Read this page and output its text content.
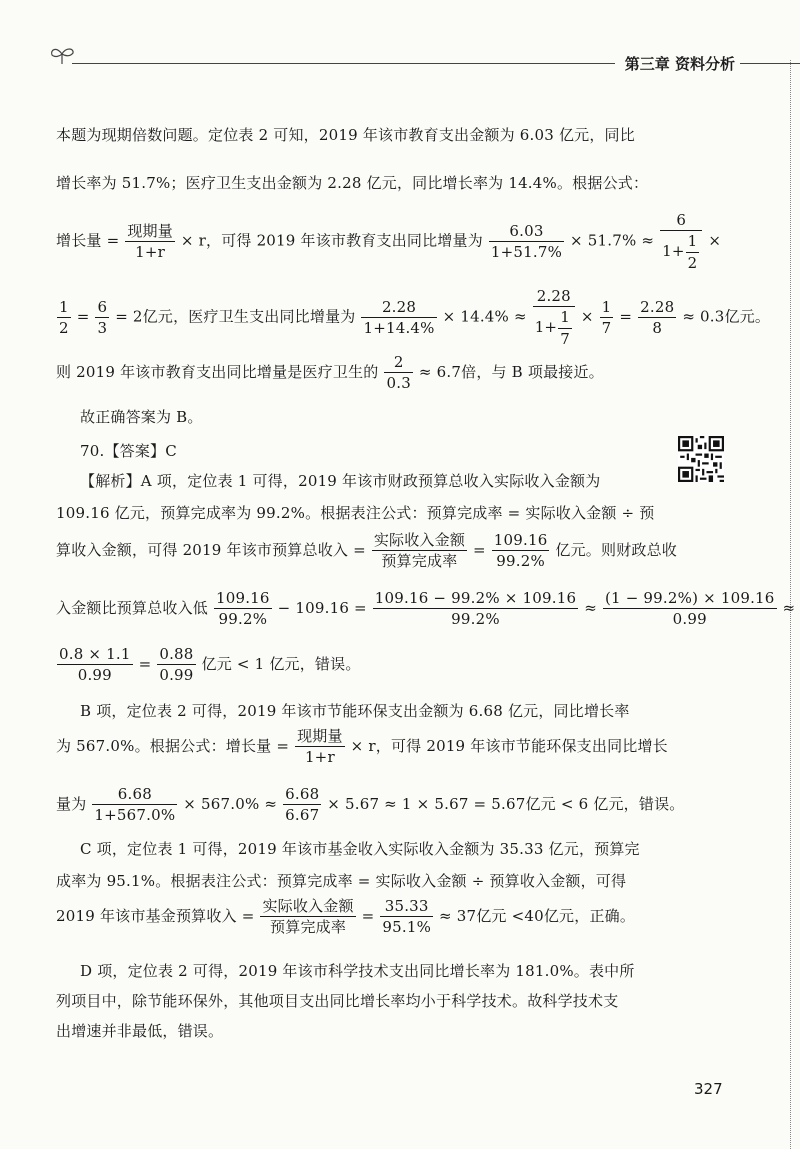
第三章 资料分析
本题为现期倍数问题。定位表 2 可知，2019 年该市教育支出金额为 6.03 亿元，同比
增长率为 51.7%；医疗卫生支出金额为 2.28 亿元，同比增长率为 14.4%。根据公式：
增长量 = $\frac{\text{现期量}}{1+r} \times r$，可得 2019 年该市教育支出同比增量为 $\frac{6.03}{1+51.7\%} \times 51.7\% \approx \frac{6}{1+ \frac{1}{2}}$ ×
$\frac{1}{2} = \frac{6}{3} = 2$亿元，医疗卫生支出同比增量为 $\frac{2.28}{1+14.4\%} \times 14.4\% \approx \frac{2.28}{1+ \frac{1}{7}} \times \frac{1}{7} = \frac{2.28}{8} \approx 0.3$亿元。
则 2019 年该市教育支出同比增量是医疗卫生的 $\frac{2}{0.3} \approx 6.7$倍，与 B 项最接近。
故正确答案为 B。
70.【答案】C
【解析】A 项，定位表 1 可得，2019 年该市财政预算总收入实际收入金额为
109.16 亿元，预算完成率为 99.2%。根据表注公式：预算完成率 = 实际收入金额 ÷ 预
算收入金额，可得 2019 年该市预算总收入 = $\frac{\text{实际收入金额}}{\text{预算完成率}} = \frac{109.16}{99.2\%}$ 亿元。则财政总收
入金额比预算总收入低 $\frac{109.16}{99.2\%} - 109.16 = \frac{109.16 - 99.2\% \times 109.16}{99.2\%} \approx \frac{(1 - 99.2\%) \times 109.16}{0.99}$ ≈
$\frac{0.8 \times 1.1}{0.99} = \frac{0.88}{0.99}$ 亿元 < 1 亿元，错误。
B 项，定位表 2 可得，2019 年该市节能环保支出金额为 6.68 亿元，同比增长率
为 567.0%。根据公式：增长量 = $\frac{\text{现期量}}{1+r} \times r$，可得 2019 年该市节能环保支出同比增长
量为 $\frac{6.68}{1+567.0\%} \times 567.0\% \approx \frac{6.68}{6.67} \times 5.67 \approx 1 \times 5.67 = 5.67$亿元 < 6 亿元，错误。
C 项，定位表 1 可得，2019 年该市基金收入实际收入金额为 35.33 亿元，预算完
成率为 95.1%。根据表注公式：预算完成率 = 实际收入金额 ÷ 预算收入金额，可得
2019 年该市基金预算收入 = $\frac{\text{实际收入金额}}{\text{预算完成率}} = \frac{35.33}{95.1\%} \approx 37$亿元 <40亿元，正确。
D 项，定位表 2 可得，2019 年该市科学技术支出同比增长率为 181.0%。表中所
列项目中，除节能环保外，其他项目支出同比增长率均小于科学技术。故科学技术支
出增速并非最低，错误。
327
